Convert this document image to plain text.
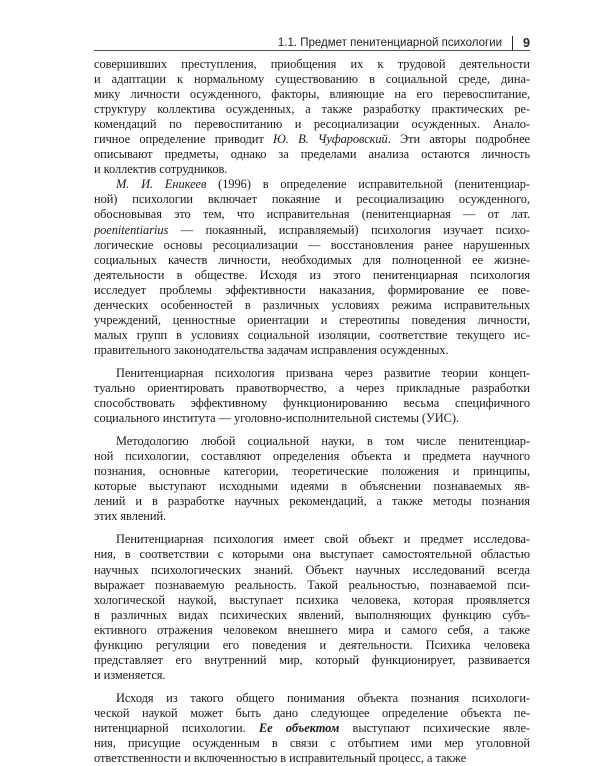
1.1. Предмет пенитенциарной психологии 9
совершивших преступления, приобщения их к трудовой деятельности
и адаптации к нормальному существованию в социальной среде, дина-
мику личности осужденного, факторы, влияющие на его перевоспитание,
структуру коллектива осужденных, а также разработку практических ре-
комендаций по перевоспитанию и ресоциализации осужденных. Анало-
гичное определение приводит Ю. В. Чуфаровский. Эти авторы подробнее
описывают предметы, однако за пределами анализа остаются личность
и коллектив сотрудников.
М. И. Еникеев (1996) в определение исправительной (пенитенциар-
ной) психологии включает покаяние и ресоциализацию осужденного,
обосновывая это тем, что исправительная (пенитенциарная — от лат.
poenitentiarius — покаянный, исправляемый) психология изучает психо-
логические основы ресоциализации — восстановления ранее нарушенных
социальных качеств личности, необходимых для полноценной ее жизне-
деятельности в обществе. Исходя из этого пенитенциарная психология
исследует проблемы эффективности наказания, формирование ее пове-
денческих особенностей в различных условиях режима исправительных
учреждений, ценностные ориентации и стереотипы поведения личности,
малых групп в условиях социальной изоляции, соответствие текущего ис-
правительного законодательства задачам исправления осужденных.
Пенитенциарная психология призвана через развитие теории концеп-
туально ориентировать правотворчество, а через прикладные разработки
способствовать эффективному функционированию весьма специфичного
социального института — уголовно-исполнительной системы (УИС).
Методологию любой социальной науки, в том числе пенитенциар-
ной психологии, составляют определения объекта и предмета научного
познания, основные категории, теоретические положения и принципы,
которые выступают исходными идеями в объяснении познаваемых яв-
лений и в разработке научных рекомендаций, а также методы познания
этих явлений.
Пенитенциарная психология имеет свой объект и предмет исследова-
ния, в соответствии с которыми она выступает самостоятельной областью
научных психологических знаний. Объект научных исследований всегда
выражает познаваемую реальность. Такой реальностью, познаваемой пси-
хологической наукой, выступает психика человека, которая проявляется
в различных видах психических явлений, выполняющих функцию субъ-
ективного отражения человеком внешнего мира и самого себя, а также
функцию регуляции его поведения и деятельности. Психика человека
представляет его внутренний мир, который функционирует, развивается
и изменяется.
Исходя из такого общего понимания объекта познания психологи-
ческой наукой может быть дано следующее определение объекта пе-
нитенциарной психологии. Ее объектом выступают психические явле-
ния, присущие осужденным в связи с отбытием ими мер уголовной
ответственности и включенностью в исправительный процесс, а также
